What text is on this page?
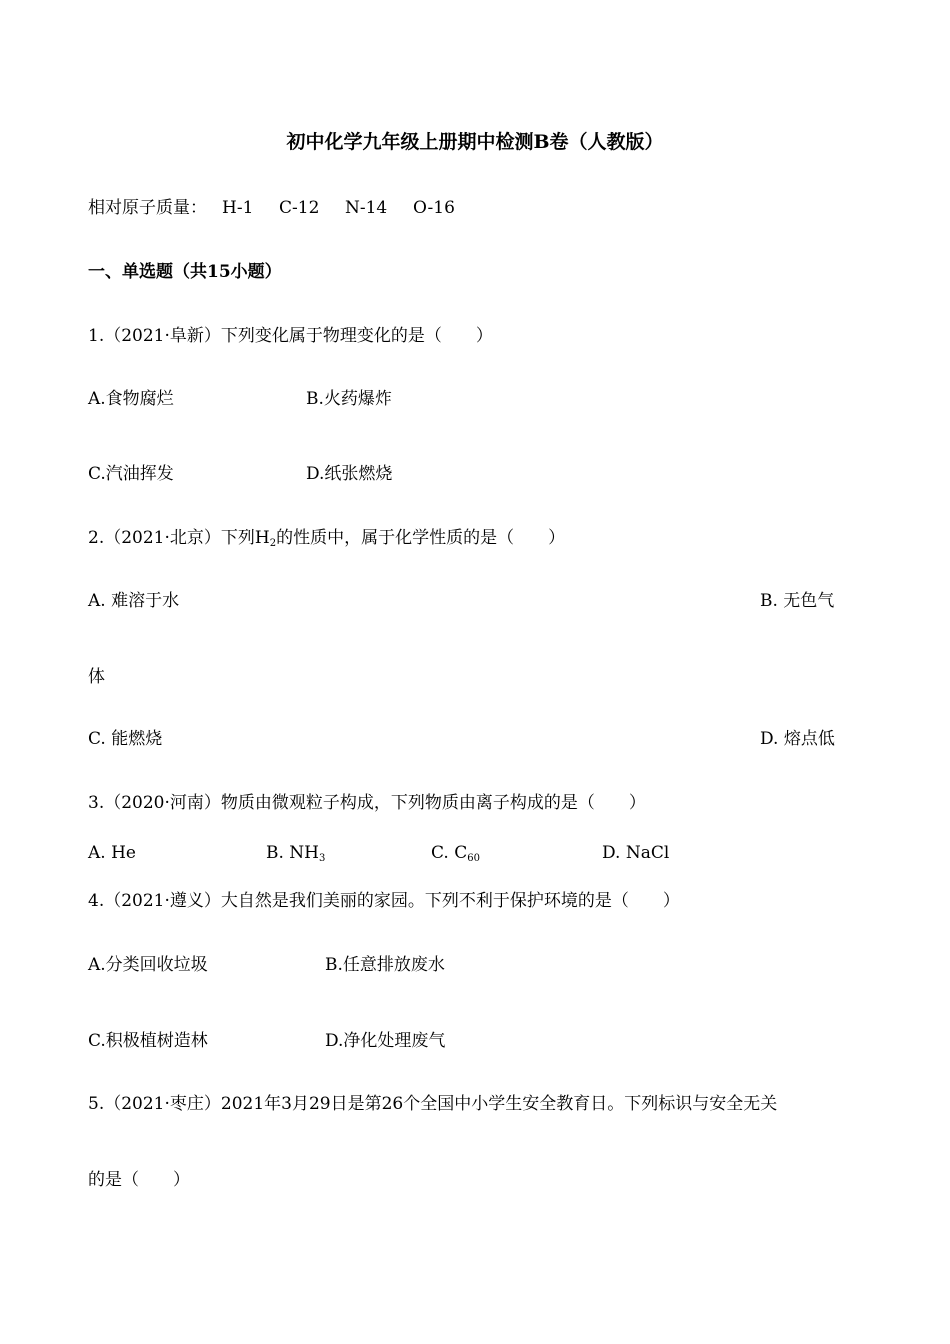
初中化学九年级上册期中检测B卷（人教版）
相对原子质量： H-1 C-12 N-14 O-16
一、单选题（共15小题）
1.（2021·阜新）下列变化属于物理变化的是（　　）
A.食物腐烂	B.火药爆炸
C.汽油挥发	D.纸张燃烧
2.（2021·北京）下列$H_2$的性质中，属于化学性质的是（　　）
A. 难溶于水	B. 无色气
体
C. 能燃烧	D. 熔点低
3.（2020·河南）物质由微观粒子构成，下列物质由离子构成的是（　　）
A. He	B. $NH_3$	C. $C_{60}$	D. NaCl
4.（2021·遵义）大自然是我们美丽的家园。下列不利于保护环境的是（　　）
A.分类回收垃圾	B.任意排放废水
C.积极植树造林	D.净化处理废气
5.（2021·枣庄）2021年3月29日是第26个全国中小学生安全教育日。下列标识与安全无关
的是（　　）
